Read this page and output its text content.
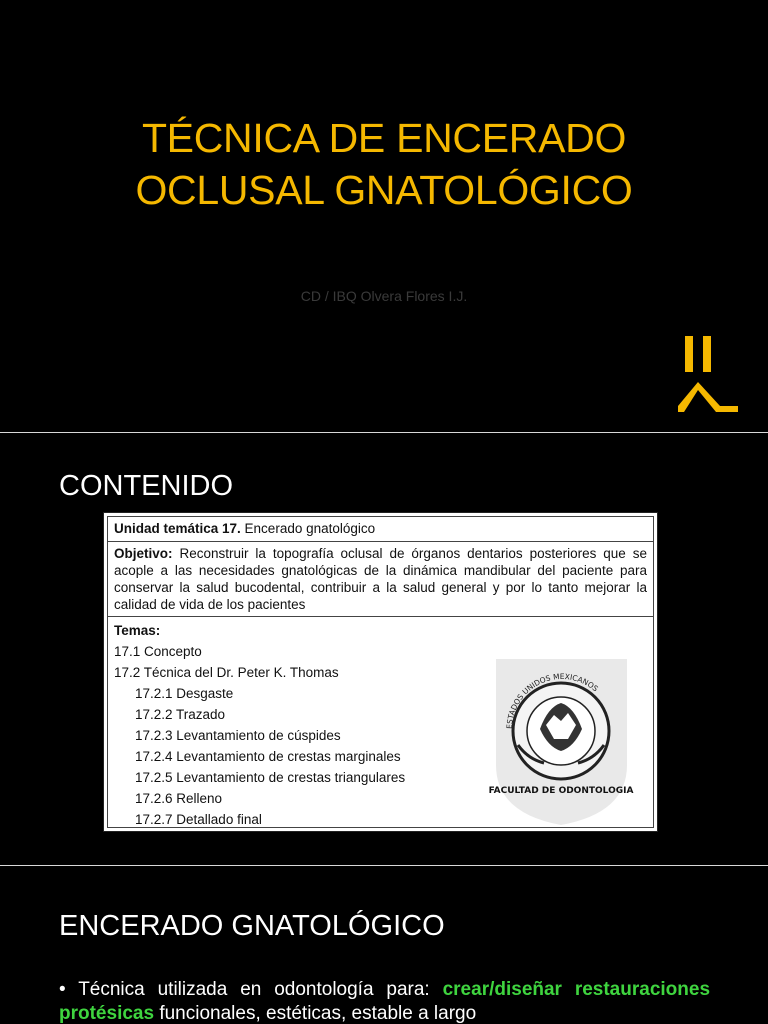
TÉCNICA DE ENCERADO
OCLUSAL GNATOLÓGICO
CD / IBQ Olvera Flores I.J.
CONTENIDO
Unidad temática 17. Encerado gnatológico
Objetivo: Reconstruir la topografía oclusal de órganos dentarios posteriores que se acople a las necesidades gnatológicas de la dinámica mandibular del paciente para conservar la salud bucodental, contribuir a la salud general y por lo tanto mejorar la calidad de vida de los pacientes
Temas:
17.1 Concepto
17.2 Técnica del Dr. Peter K. Thomas
17.2.1 Desgaste
17.2.2 Trazado
17.2.3 Levantamiento de cúspides
17.2.4 Levantamiento de crestas marginales
17.2.5 Levantamiento de crestas triangulares
17.2.6 Relleno
17.2.7 Detallado final
ESTADOS UNIDOS MEXICANOS
FACULTAD DE ODONTOLOGIA
ENCERADO GNATOLÓGICO
• Técnica utilizada en odontología para: crear/diseñar restauraciones protésicas funcionales, estéticas, estable a largo
